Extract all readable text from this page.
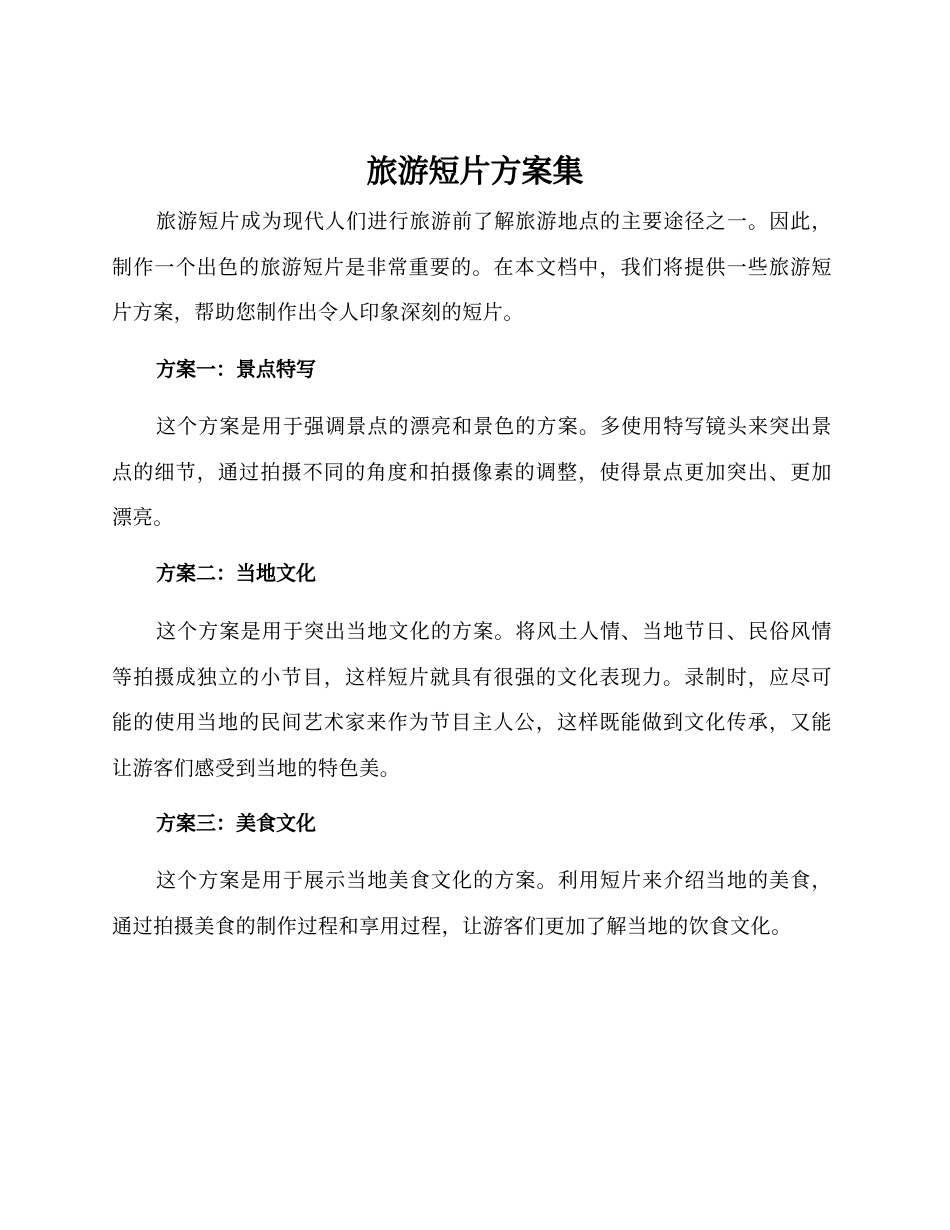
旅游短片方案集

旅游短片成为现代人们进行旅游前了解旅游地点的主要途径之一。因此，制作一个出色的旅游短片是非常重要的。在本文档中，我们将提供一些旅游短片方案，帮助您制作出令人印象深刻的短片。

方案一：景点特写

这个方案是用于强调景点的漂亮和景色的方案。多使用特写镜头来突出景点的细节，通过拍摄不同的角度和拍摄像素的调整，使得景点更加突出、更加漂亮。

方案二：当地文化

这个方案是用于突出当地文化的方案。将风土人情、当地节日、民俗风情等拍摄成独立的小节目，这样短片就具有很强的文化表现力。录制时，应尽可能的使用当地的民间艺术家来作为节目主人公，这样既能做到文化传承，又能让游客们感受到当地的特色美。

方案三：美食文化

这个方案是用于展示当地美食文化的方案。利用短片来介绍当地的美食，通过拍摄美食的制作过程和享用过程，让游客们更加了解当地的饮食文化。
